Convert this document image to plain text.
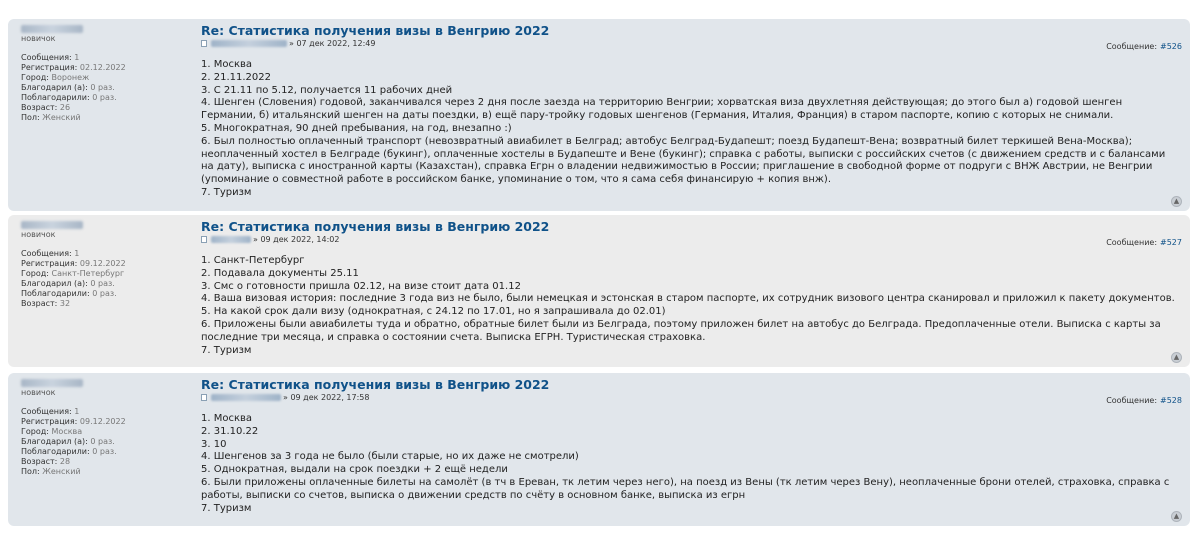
новичок
Сообщения: 1
Регистрация: 02.12.2022
Город: Воронеж
Благодарил (а): 0 раз.
Поблагодарили: 0 раз.
Возраст: 26
Пол: Женский
Re: Статистика получения визы в Венгрию 2022
» 07 дек 2022, 12:49	Сообщение: #526
1. Москва
2. 21.11.2022
3. С 21.11 по 5.12, получается 11 рабочих дней
4. Шенген (Словения) годовой, заканчивался через 2 дня после заезда на территорию Венгрии; хорватская виза двухлетняя действующая; до этого был а) годовой шенген Германии, б) итальянский шенген на даты поездки, в) ещё пару-тройку годовых шенгенов (Германия, Италия, Франция) в старом паспорте, копию с которых не снимали.
5. Многократная, 90 дней пребывания, на год, внезапно :)
6. Был полностью оплаченный транспорт (невозвратный авиабилет в Белград; автобус Белград-Будапешт; поезд Будапешт-Вена; возвратный билет теркишей Вена-Москва); неоплаченный хостел в Белграде (букинг), оплаченные хостелы в Будапеште и Вене (букинг); справка с работы, выписки с российских счетов (с движением средств и с балансами на дату), выписка с иностранной карты (Казахстан), справка Егрн о владении недвижимостью в России; приглашение в свободной форме от подруги с ВНЖ Австрии, не Венгрии (упоминание о совместной работе в российском банке, упоминание о том, что я сама себя финансирую + копия внж).
7. Туризм
▲
новичок
Сообщения: 1
Регистрация: 09.12.2022
Город: Санкт-Петербург
Благодарил (а): 0 раз.
Поблагодарили: 0 раз.
Возраст: 32
Re: Статистика получения визы в Венгрию 2022
» 09 дек 2022, 14:02	Сообщение: #527
1. Санкт-Петербург
2. Подавала документы 25.11
3. Смс о готовности пришла 02.12, на визе стоит дата 01.12
4. Ваша визовая история: последние 3 года виз не было, были немецкая и эстонская в старом паспорте, их сотрудник визового центра сканировал и приложил к пакету документов.
5. На какой срок дали визу (однократная, с 24.12 по 17.01, но я запрашивала до 02.01)
6. Приложены были авиабилеты туда и обратно, обратные билет были из Белграда, поэтому приложен билет на автобус до Белграда. Предоплаченные отели. Выписка с карты за последние три месяца, и справка о состоянии счета. Выписка ЕГРН. Туристическая страховка.
7. Туризм
▲
новичок
Сообщения: 1
Регистрация: 09.12.2022
Город: Москва
Благодарил (а): 0 раз.
Поблагодарили: 0 раз.
Возраст: 28
Пол: Женский
Re: Статистика получения визы в Венгрию 2022
» 09 дек 2022, 17:58	Сообщение: #528
1. Москва
2. 31.10.22
3. 10
4. Шенгенов за 3 года не было (были старые, но их даже не смотрели)
5. Однократная, выдали на срок поездки + 2 ещё недели
6. Были приложены оплаченные билеты на самолёт (в тч в Ереван, тк летим через него), на поезд из Вены (тк летим через Вену), неоплаченные брони отелей, страховка, справка с работы, выписки со счетов, выписка о движении средств по счёту в основном банке, выписка из егрн
7. Туризм
▲
